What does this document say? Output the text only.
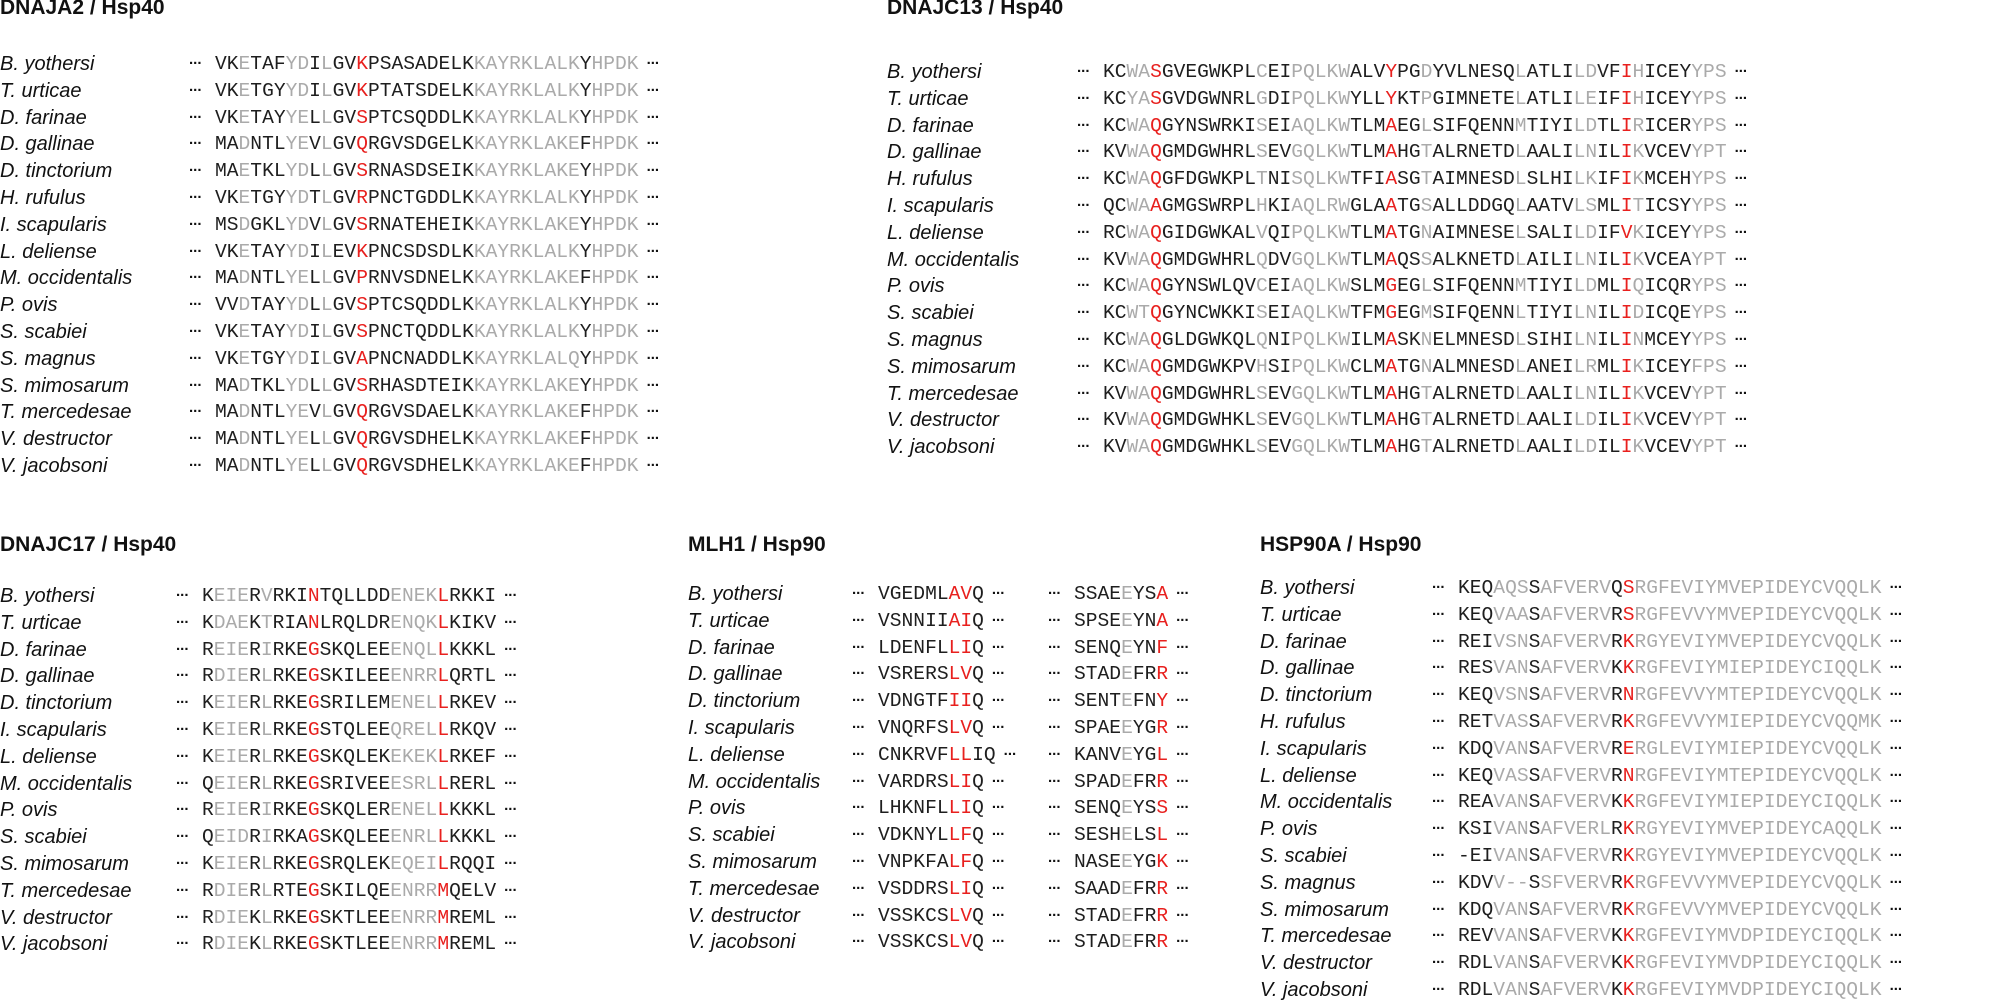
DNAJA2 / Hsp40
B. yothersi	... VKETAFYDILGVKPSASADELKKAYRKLALKYHPDK ...
T. urticae	... VKETGYYDILGVKPTATSDELKKAYRKLALKYHPDK ...
D. farinae	... VKETAYYELLGVSPTCSQDDLKKAYRKLALKYHPDK ...
D. gallinae	... MADNTLYEVLGVQRGVSDGELKKAYRKLAKEFHPDK ...
D. tinctorium	... MAETKLYDLLGVSRNASDSEIKKAYRKLAKEYHPDK ...
H. rufulus	... VKETGYYDTLGVRPNCTGDDLKKAYRKLALKYHPDK ...
I. scapularis	... MSDGKLYDVLGVSRNATEHEIKKAYRKLAKEYHPDK ...
L. deliense	... VKETAYYDILEVKPNCSDSDLKKAYRKLALKYHPDK ...
M. occidentalis	... MADNTLYELLGVPRNVSDNELKKAYRKLAKEFHPDK ...
P. ovis	... VVDTAYYDLLGVSPTCSQDDLKKAYRKLALKYHPDK ...
S. scabiei	... VKETAYYDILGVSPNCTQDDLKKAYRKLALKYHPDK ...
S. magnus	... VKETGYYDILGVAPNCNADDLKKAYRKLALQYHPDK ...
S. mimosarum	... MADTKLYDLLGVSRHASDTEIKKAYRKLAKEYHPDK ...
T. mercedesae	... MADNTLYEVLGVQRGVSDAELKKAYRKLAKEFHPDK ...
V. destructor	... MADNTLYELLGVQRGVSDHELKKAYRKLAKEFHPDK ...
V. jacobsoni	... MADNTLYELLGVQRGVSDHELKKAYRKLAKEFHPDK ...
DNAJC13 / Hsp40
B. yothersi	... KCWASGVEGWKPLCEIPQLKWALVYPGDYVLNESQLATLILDVFIHICEYYPS ...
T. urticae	... KCYASGVDGWNRLGDIPQLKWYLLYKTPGIMNETELATLILEIFIHICEYYPS ...
D. farinae	... KCWAQGYNSWRKISEIAQLKWTLMAEGLSIFQENNMTIYILDTLIRICERYPS ...
D. gallinae	... KVWAQGMDGWHRLSEVGQLKWTLMAHGTALRNETDLAALILNILIKVCEVYPT ...
H. rufulus	... KCWAQGFDGWKPLTNISQLKWTFIASGTAIMNESDLSLHILKIFIKMCEHYPS ...
I. scapularis	... QCWAAGMGSWRPLHKIAQLRWGLAATGSALLDDGQLAATVLSMLITICSYYPS ...
L. deliense	... RCWAQGIDGWKALVQIPQLKWTLMATGNAIMNESELSALILDIFVKICEYYPS ...
M. occidentalis	... KVWAQGMDGWHRLQDVGQLKWTLMAQSSALKNETDLAILILNILIKVCEAYPT ...
P. ovis	... KCWAQGYNSWLQVCEIAQLKWSLMGEGLSIFQENNMTIYILDMLIQICQRYPS ...
S. scabiei	... KCWTQGYNCWKKISEIAQLKWTFMGEGMSIFQENNLTIYILNILIDICQEYPS ...
S. magnus	... KCWAQGLDGWKQLQNIPQLKWILMASKNELMNESDLSIHILNILINMCEYYPS ...
S. mimosarum	... KCWAQGMDGWKPVHSIPQLKWCLMATGNALMNESDLANEILRMLIKICEYFPS ...
T. mercedesae	... KVWAQGMDGWHRLSEVGQLKWTLMAHGTALRNETDLAALILNILIKVCEVYPT ...
V. destructor	... KVWAQGMDGWHKLSEVGQLKWTLMAHGTALRNETDLAALILDILIKVCEVYPT ...
V. jacobsoni	... KVWAQGMDGWHKLSEVGQLKWTLMAHGTALRNETDLAALILDILIKVCEVYPT ...
DNAJC17 / Hsp40
B. yothersi	... KEIERVRKINTQLLDDENEKLRKKI ...
T. urticae	... KDAEKTRIANLRQLDRENQKLKIKV ...
D. farinae	... REIERIRKEGSKQLEEENQLLKKKL ...
D. gallinae	... RDIERLRKEGSKILEEENRRLQRTL ...
D. tinctorium	... KEIERLRKEGSRILEMENELLRKEV ...
I. scapularis	... KEIERLRKEGSTQLEEQRELLRKQV ...
L. deliense	... KEIERLRKEGSKQLEKEKEKLRKEF ...
M. occidentalis	... QEIERLRKEGSRIVEEESRLLRERL ...
P. ovis	... REIERIRKEGSKQLERENELLKKKL ...
S. scabiei	... QEIDRIRKAGSKQLEEENRLLKKKL ...
S. mimosarum	... KEIERLRKEGSRQLEKEQEILRQQI ...
T. mercedesae	... RDIERLRTEGSKILQEENRRMQELV ...
V. destructor	... RDIEKLRKEGSKTLEEENRRMREML ...
V. jacobsoni	... RDIEKLRKEGSKTLEEENRRMREML ...
MLH1 / Hsp90
B. yothersi	... VGEDMLAVQ ...	... SSAEEYSA ...
T. urticae	... VSNNIIAIQ ...	... SPSEEYNA ...
D. farinae	... LDENFLLIQ ...	... SENQEYNF ...
D. gallinae	... VSRERSLVQ ...	... STADEFRR ...
D. tinctorium	... VDNGTFIIQ ...	... SENTEFNY ...
I. scapularis	... VNQRFSLVQ ...	... SPAEEYGR ...
L. deliense	... CNKRVFLLIQ ... ... KANVEYGL ...
M. occidentalis ... VARDRSLIQ ...	... SPADEFRR ...
P. ovis	... LHKNFLLIQ ...	... SENQEYSS ...
S. scabiei	... VDKNYLLFQ ...	... SESHELSL ...
S. mimosarum ... VNPKFALFQ ...	... NASEEYGK ...
T. mercedesae ... VSDDRSLIQ ...	... SAADEFRR ...
V. destructor	... VSSKCSLVQ ...	... STADEFRR ...
V. jacobsoni	... VSSKCSLVQ ...	... STADEFRR ...
HSP90A / Hsp90
B. yothersi	... KEQAQSSAFVERVQSRGFEVIYMVEPIDEYCVQQLK ...
T. urticae	... KEQVAASAFVERVRSRGFEVVYMVEPIDEYCVQQLK ...
D. farinae	... REIVSNSAFVERVRKRGYEVIYMVEPIDEYCVQQLK ...
D. gallinae	... RESVANSAFVERVKKRGFEVIYMIEPIDEYCIQQLK ...
D. tinctorium	... KEQVSNSAFVERVRNRGFEVVYMTEPIDEYCVQQLK ...
H. rufulus	... RETVASSAFVERVRKRGFEVVYMIEPIDEYCVQQMK ...
I. scapularis	... KDQVANSAFVERVRERGLEVIYMIEPIDEYCVQQLK ...
L. deliense	... KEQVASSAFVERVRNRGFEVIYMTEPIDEYCVQQLK ...
M. occidentalis	... REAVANSAFVERVKKRGFEVIYMIEPIDEYCIQQLK ...
P. ovis	... KSIVANSAFVERLRKRGYEVIYMVEPIDEYCAQQLK ...
S. scabiei	... -EIVANSAFVERVRKRGYEVIYMVEPIDEYCVQQLK ...
S. magnus	... KDVV--SSFVERVRKRGFEVVYMVEPIDEYCVQQLK ...
S. mimosarum	... KDQVANSAFVERVRKRGFEVVYMVEPIDEYCVQQLK ...
T. mercedesae	... REVVANSAFVERVKKRGFEVIYMVDPIDEYCIQQLK ...
V. destructor	... RDLVANSAFVERVKKRGFEVIYMVDPIDEYCIQQLK ...
V. jacobsoni	... RDLVANSAFVERVKKRGFEVIYMVDPIDEYCIQQLK ...
